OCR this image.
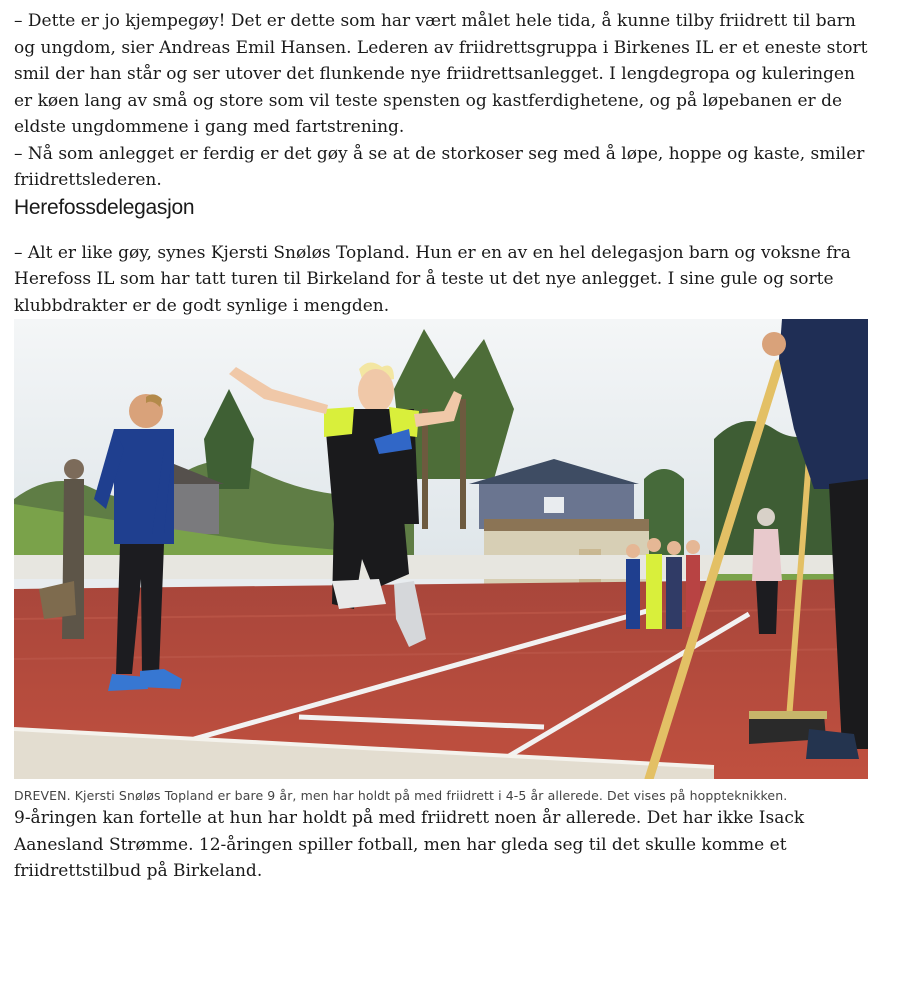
– Dette er jo kjempegøy! Det er dette som har vært målet hele tida, å kunne tilby friidrett til barn og ungdom, sier Andreas Emil Hansen. Lederen av friidrettsgruppa i Birkenes IL er et eneste stort smil der han står og ser utover det flunkende nye friidrettsanlegget. I lengdegropa og kuleringen er køen lang av små og store som vil teste spensten og kastferdighetene, og på løpebanen er de eldste ungdommene i gang med fartstrening.

– Nå som anlegget er ferdig er det gøy å se at de storkoser seg med å løpe, hoppe og kaste, smiler friidrettslederen.

Herefossdelegasjon

– Alt er like gøy, synes Kjersti Snøløs Topland. Hun er en av en hel delegasjon barn og voksne fra Herefoss IL som har tatt turen til Birkeland for å teste ut det nye anlegget. I sine gule og sorte klubbdrakter er de godt synlige i mengden.

DREVEN. Kjersti Snøløs Topland er bare 9 år, men har holdt på med friidrett i 4-5 år allerede. Det vises på hoppteknikken.

9-åringen kan fortelle at hun har holdt på med friidrett noen år allerede. Det har ikke Isack Aanesland Strømme. 12-åringen spiller fotball, men har gleda seg til det skulle komme et friidrettstilbud på Birkeland.
